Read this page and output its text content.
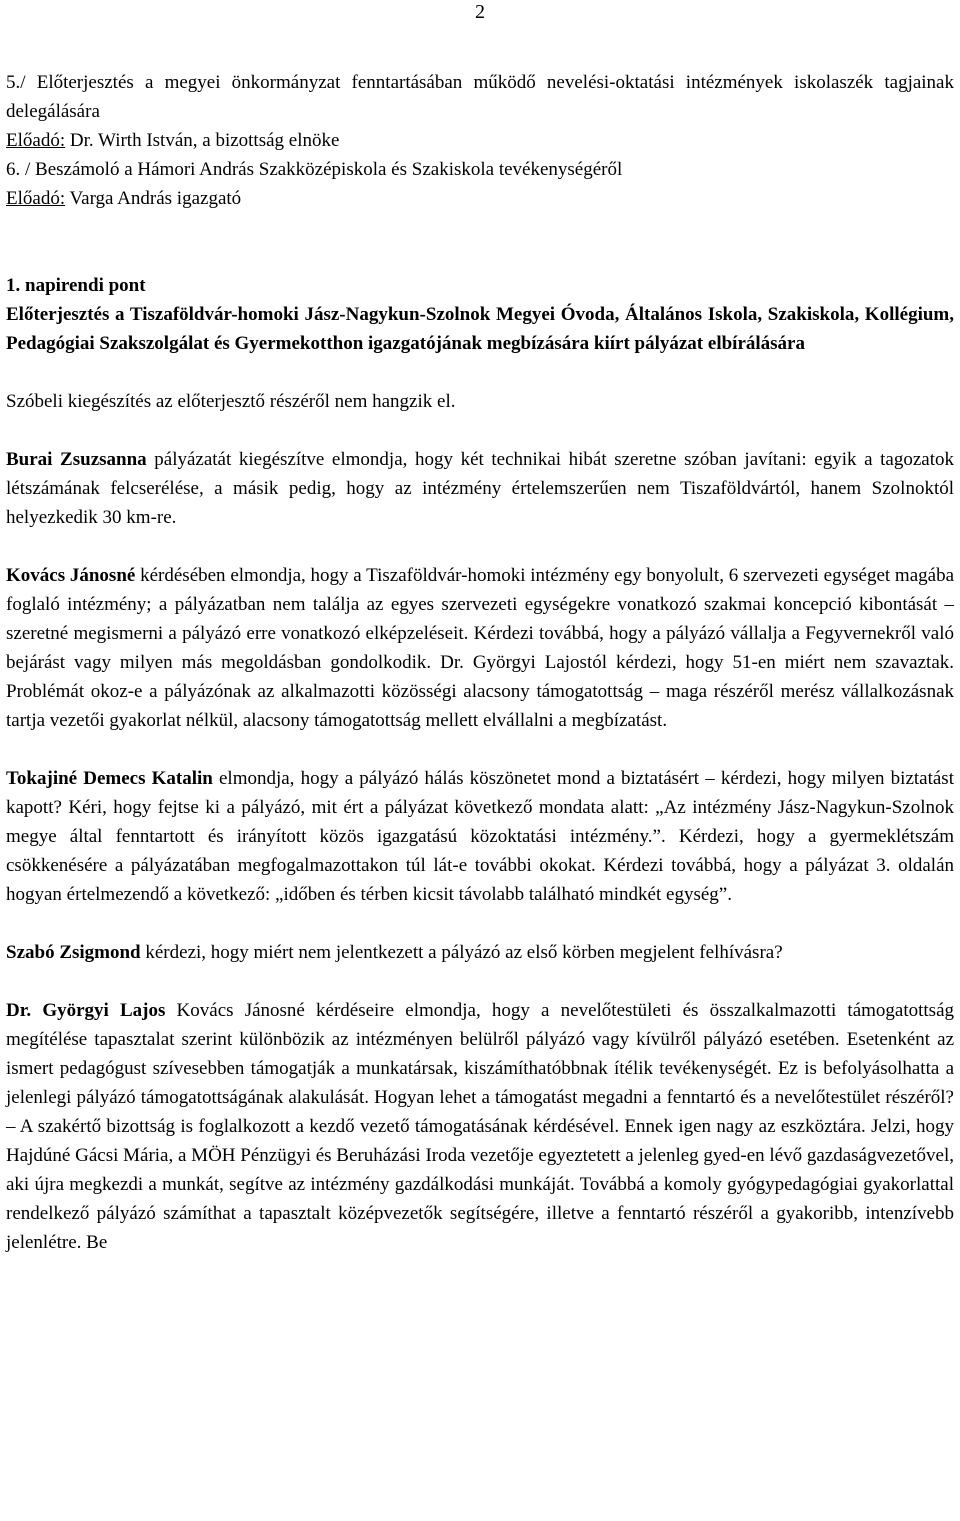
2

5./ Előterjesztés a megyei önkormányzat fenntartásában működő nevelési-oktatási intézmények iskolaszék tagjainak delegálására
Előadó: Dr. Wirth István, a bizottság elnöke

6. / Beszámoló a Hámori András Szakközépiskola és Szakiskola tevékenységéről
Előadó: Varga András igazgató

1. napirendi pont

Előterjesztés a Tiszaföldvár-homoki Jász-Nagykun-Szolnok Megyei Óvoda, Általános Iskola, Szakiskola, Kollégium, Pedagógiai Szakszolgálat és Gyermekotthon igazgatójának megbízására kiírt pályázat elbírálására

Szóbeli kiegészítés az előterjesztő részéről nem hangzik el.

Burai Zsuzsanna pályázatát kiegészítve elmondja, hogy két technikai hibát szeretne szóban javítani: egyik a tagozatok létszámának felcserélése, a másik pedig, hogy az intézmény értelemszerűen nem Tiszaföldvártól, hanem Szolnoktól helyezkedik 30 km-re.

Kovács Jánosné kérdésében elmondja, hogy a Tiszaföldvár-homoki intézmény egy bonyolult, 6 szervezeti egységet magába foglaló intézmény; a pályázatban nem találja az egyes szervezeti egységekre vonatkozó szakmai koncepció kibontását – szeretné megismerni a pályázó erre vonatkozó elképzeléseit. Kérdezi továbbá, hogy a pályázó vállalja a Fegyvernekről való bejárást vagy milyen más megoldásban gondolkodik. Dr. Györgyi Lajostól kérdezi, hogy 51-en miért nem szavaztak. Problémát okoz-e a pályázónak az alkalmazotti közösségi alacsony támogatottság – maga részéről merész vállalkozásnak tartja vezetői gyakorlat nélkül, alacsony támogatottság mellett elvállalni a megbízatást.

Tokajiné Demecs Katalin elmondja, hogy a pályázó hálás köszönetet mond a biztatásért – kérdezi, hogy milyen biztatást kapott? Kéri, hogy fejtse ki a pályázó, mit ért a pályázat következő mondata alatt: „Az intézmény Jász-Nagykun-Szolnok megye által fenntartott és irányított közös igazgatású közoktatási intézmény.”. Kérdezi, hogy a gyermeklétszám csökkenésére a pályázatában megfogalmazottakon túl lát-e további okokat. Kérdezi továbbá, hogy a pályázat 3. oldalán hogyan értelmezendő a következő: „időben és térben kicsit távolabb található mindkét egység”.

Szabó Zsigmond kérdezi, hogy miért nem jelentkezett a pályázó az első körben megjelent felhívásra?

Dr. Györgyi Lajos Kovács Jánosné kérdéseire elmondja, hogy a nevelőtestületi és összalkalmazotti támogatottság megítélése tapasztalat szerint különbözik az intézményen belülről pályázó vagy kívülről pályázó esetében. Esetenként az ismert pedagógust szívesebben támogatják a munkatársak, kiszámíthatóbbnak ítélik tevékenységét. Ez is befolyásolhatta a jelenlegi pályázó támogatottságának alakulását. Hogyan lehet a támogatást megadni a fenntartó és a nevelőtestület részéről? – A szakértő bizottság is foglalkozott a kezdő vezető támogatásának kérdésével. Ennek igen nagy az eszköztára. Jelzi, hogy Hajdúné Gácsi Mária, a MÖH Pénzügyi és Beruházási Iroda vezetője egyeztetett a jelenleg gyed-en lévő gazdaságvezetővel, aki újra megkezdi a munkát, segítve az intézmény gazdálkodási munkáját. Továbbá a komoly gyógypedagógiai gyakorlattal rendelkező pályázó számíthat a tapasztalt középvezetők segítségére, illetve a fenntartó részéről a gyakoribb, intenzívebb jelenlétre. Be
